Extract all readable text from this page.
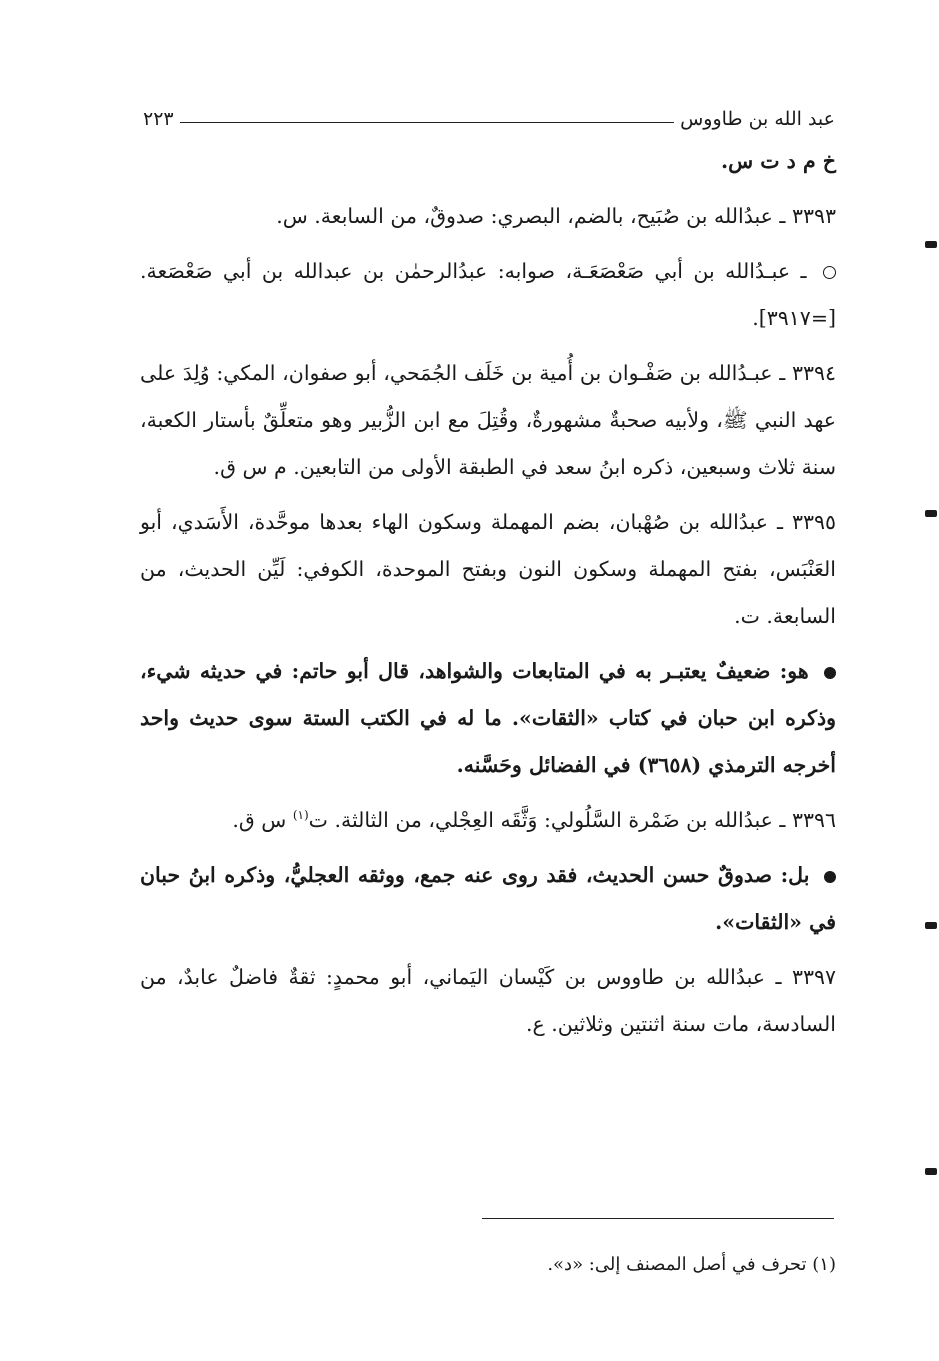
عبد الله بن طاووس
٢٢٣

خ م د ت س.

٣٣٩٣ ـ عبدُالله بن صُبَيح، بالضم، البصري: صدوقٌ، من السابعة. س.

ـ عبـدُالله بن أبي صَعْصَعَـة، صوابه: عبدُالرحمٰن بن عبدالله بن أبي صَعْصَعة. [=٣٩١٧].

٣٣٩٤ ـ عبـدُالله بن صَفْـوان بن أُمية بن خَلَف الجُمَحي، أبو صفوان، المكي: وُلِدَ على عهد النبي ﷺ، ولأبيه صحبةٌ مشهورةٌ، وقُتِلَ مع ابن الزُّبير وهو متعلِّقٌ بأستار الكعبة، سنة ثلاث وسبعين، ذكره ابنُ سعد في الطبقة الأولى من التابعين. م س ق.

٣٣٩٥ ـ عبدُالله بن صُهْبان، بضم المهملة وسكون الهاء بعدها موحَّدة، الأَسَدي، أبو العَنْبَس، بفتح المهملة وسكون النون وبفتح الموحدة، الكوفي: لَيِّن الحديث، من السابعة. ت.

هو: ضعيفٌ يعتبـر به في المتابعات والشواهد، قال أبو حاتم: في حديثه شيء، وذكره ابن حبان في كتاب «الثقات». ما له في الكتب الستة سوى حديث واحد أخرجه الترمذي (٣٦٥٨) في الفضائل وحَسَّنه.

٣٣٩٦ ـ عبدُالله بن ضَمْرة السَّلُولي: وَثَّقَه العِجْلي، من الثالثة. ت$^{(١)}$ س ق.

بل: صدوقٌ حسن الحديث، فقد روى عنه جمع، ووثقه العجليُّ، وذكره ابنُ حبان في «الثقات».

٣٣٩٧ ـ عبدُالله بن طاووس بن كَيْسان اليَماني، أبو محمدٍ: ثقةٌ فاضلٌ عابدٌ، من السادسة، مات سنة اثنتين وثلاثين. ع.

(١) تحرف في أصل المصنف إلى: «د».
